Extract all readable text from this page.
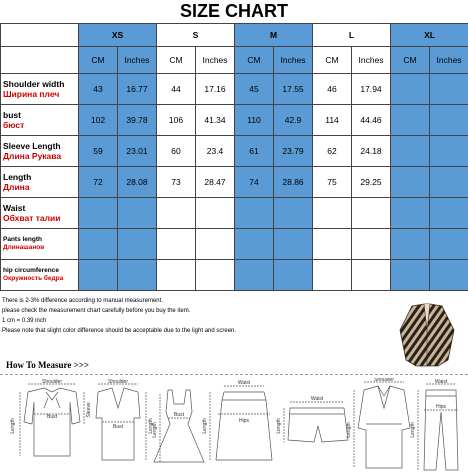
SIZE CHART
	XS		S		M		L		XL	
	CM	Inches	CM	Inches	CM	Inches	CM	Inches	CM	Inches

Shoulder width
Ширина плеч	43	16.77	44	17.16	45	17.55	46	17.94		

bust
бюст	102	39.78	106	41.34	110	42.9	114	44.46		

Sleeve Length
Длина Рукава	59	23.01	60	23.4	61	23.79	62	24.18		

Length
Длина	72	28.08	73	28.47	74	28.86	75	29.25		

Waist
Обхват талии										

Pants length
Длинашанов										

hip circumference
Окружность бедра										

There is 2-3% difference according to manual measurement.
please check the measurement chart carefully before you buy the item.
1 cm = 0.39 inch
Please note that slight color difference should be acceptable due to the light and screen.
How To Measure >>>
Shoulder
Bust
Length
Sleeve
Shoulder
Bust	Length
Bust
Length
Waist
Hips
Length
Waist
Length
Shoulder
Length
Waist
Hips
Length
